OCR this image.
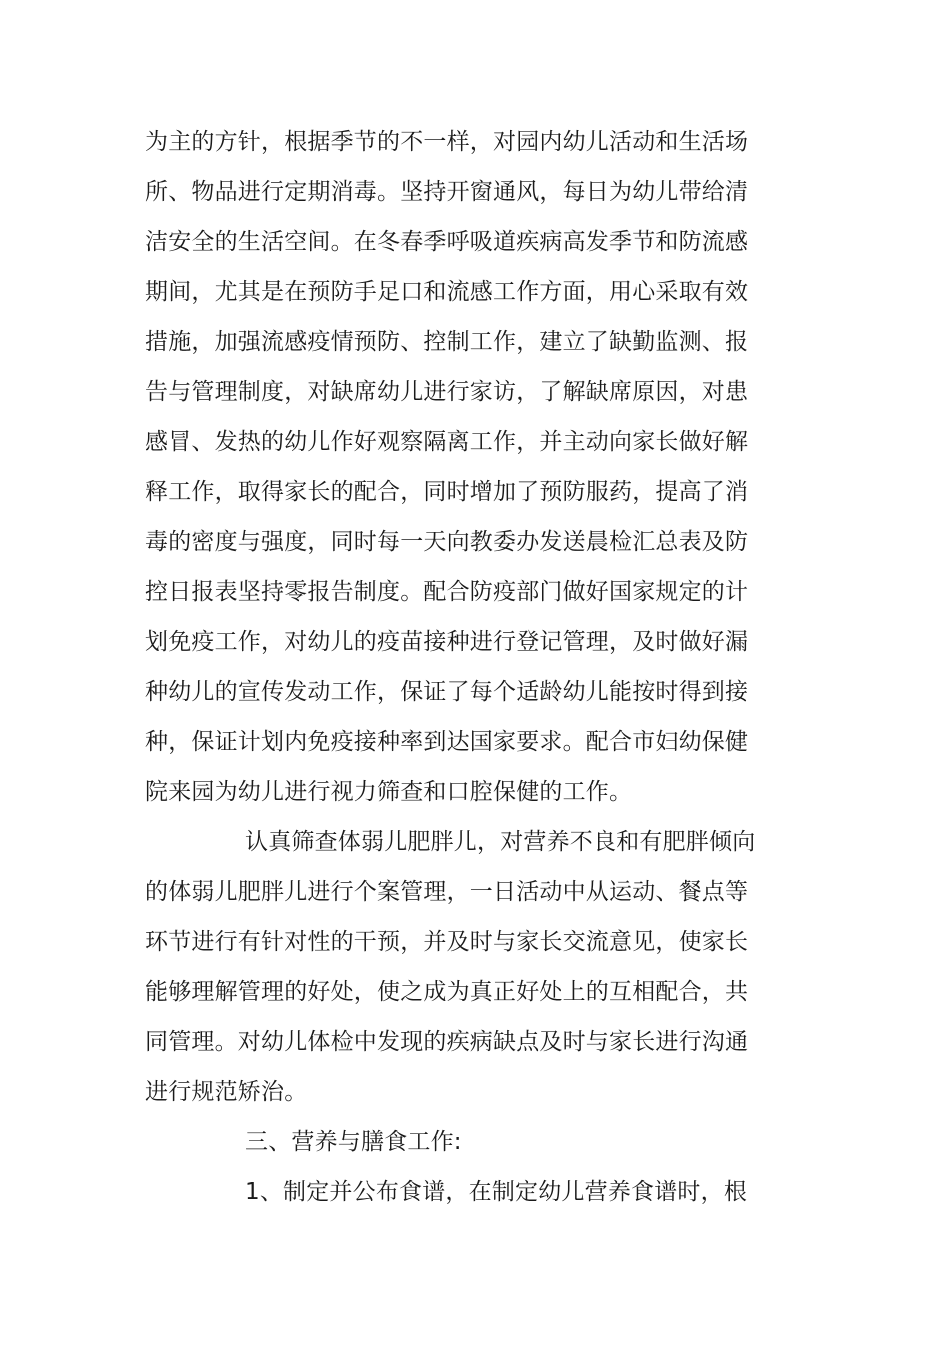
为主的方针，根据季节的不一样，对园内幼儿活动和生活场
所、物品进行定期消毒。坚持开窗通风，每日为幼儿带给清
洁安全的生活空间。在冬春季呼吸道疾病高发季节和防流感
期间，尤其是在预防手足口和流感工作方面，用心采取有效
措施，加强流感疫情预防、控制工作，建立了缺勤监测、报
告与管理制度，对缺席幼儿进行家访，了解缺席原因，对患
感冒、发热的幼儿作好观察隔离工作，并主动向家长做好解
释工作，取得家长的配合，同时增加了预防服药，提高了消
毒的密度与强度，同时每一天向教委办发送晨检汇总表及防
控日报表坚持零报告制度。配合防疫部门做好国家规定的计
划免疫工作，对幼儿的疫苗接种进行登记管理，及时做好漏
种幼儿的宣传发动工作，保证了每个适龄幼儿能按时得到接
种，保证计划内免疫接种率到达国家要求。配合市妇幼保健
院来园为幼儿进行视力筛查和口腔保健的工作。
认真筛查体弱儿肥胖儿，对营养不良和有肥胖倾向
的体弱儿肥胖儿进行个案管理，一日活动中从运动、餐点等
环节进行有针对性的干预，并及时与家长交流意见，使家长
能够理解管理的好处，使之成为真正好处上的互相配合，共
同管理。对幼儿体检中发现的疾病缺点及时与家长进行沟通
进行规范矫治。
三、营养与膳食工作:
1、制定并公布食谱，在制定幼儿营养食谱时，根
